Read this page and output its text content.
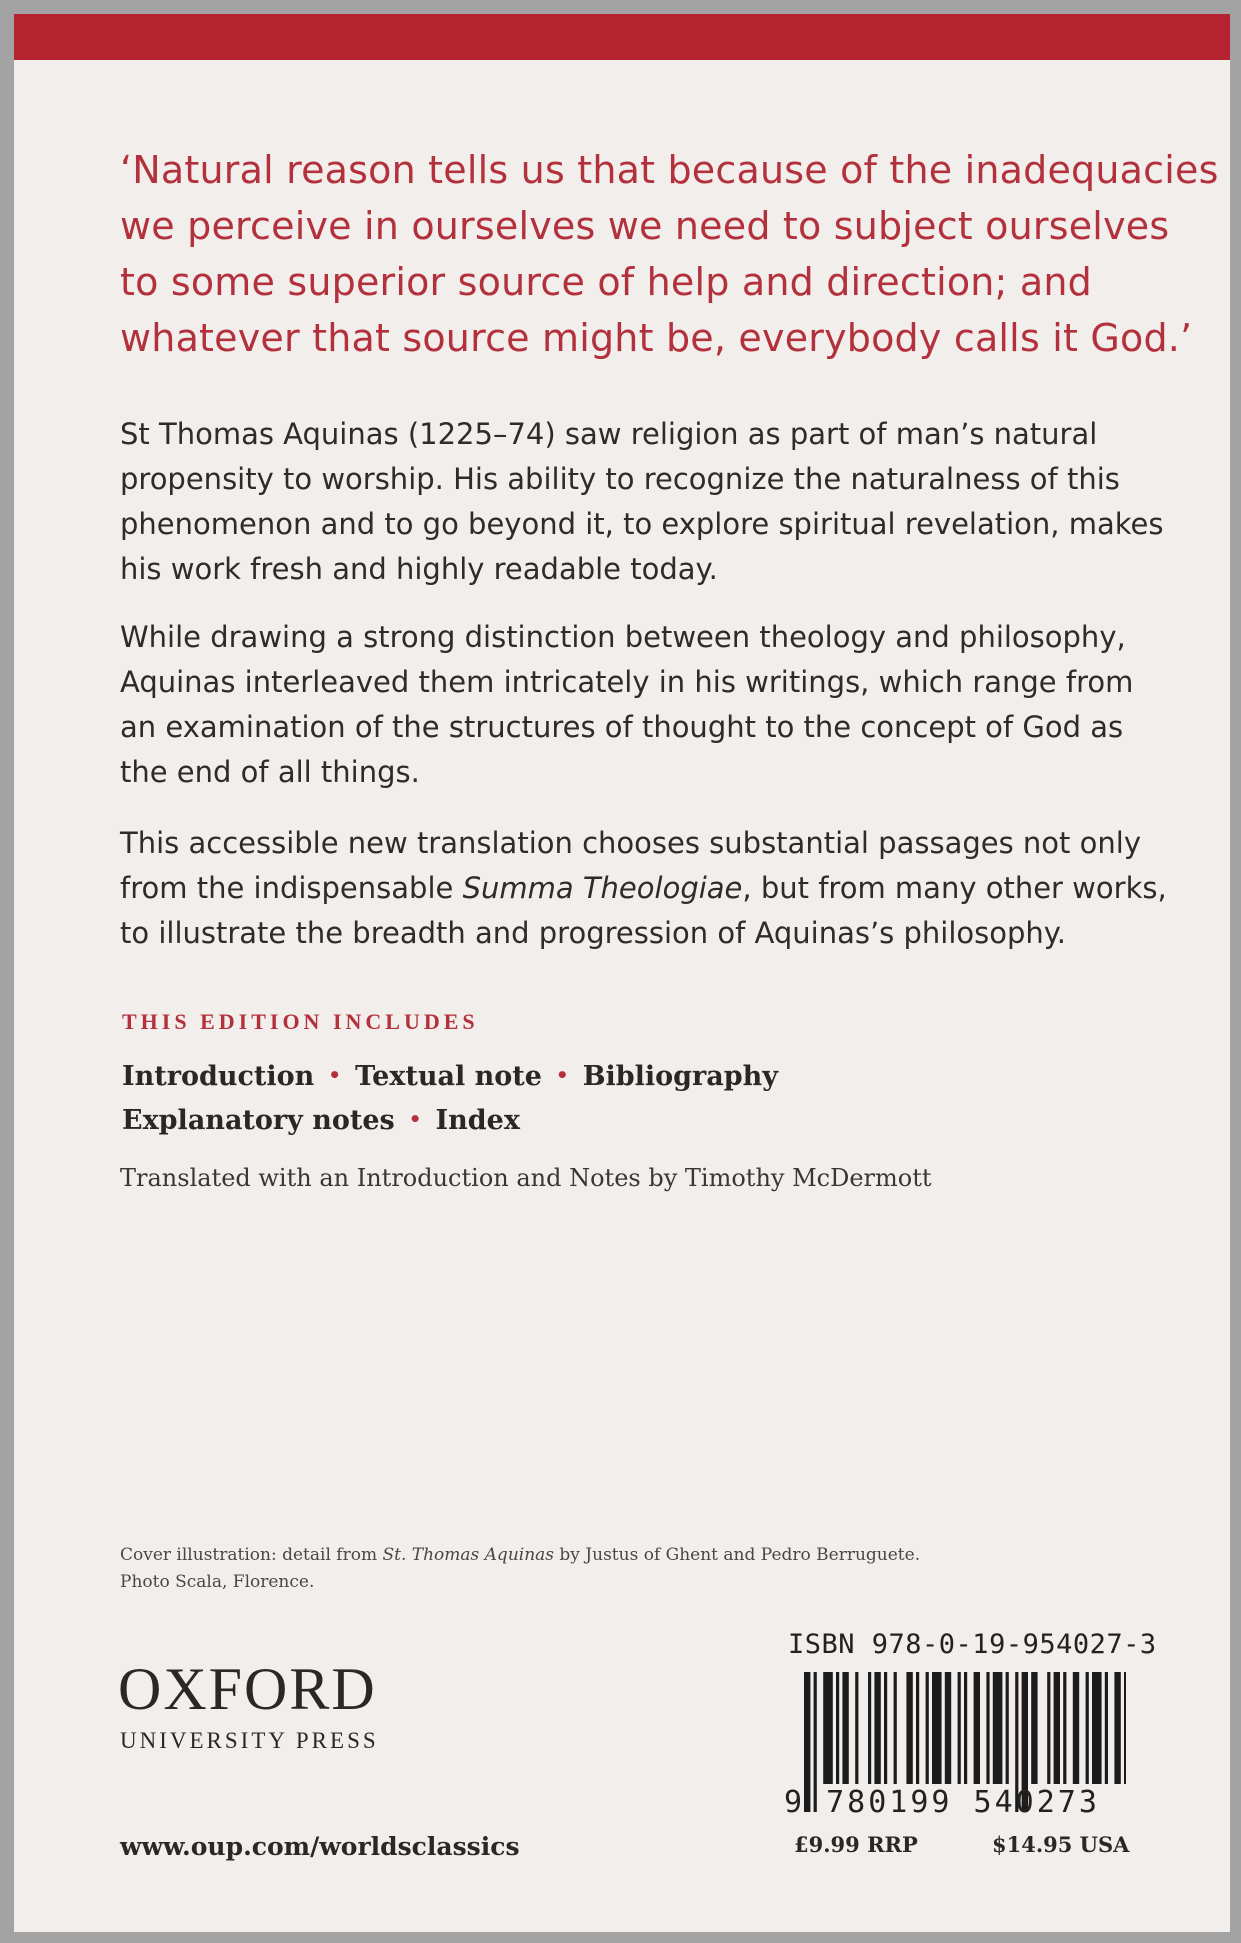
‘Natural reason tells us that because of the inadequacies
we perceive in ourselves we need to subject ourselves
to some superior source of help and direction; and
whatever that source might be, everybody calls it God.’
St Thomas Aquinas (1225–74) saw religion as part of man’s natural
propensity to worship. His ability to recognize the naturalness of this
phenomenon and to go beyond it, to explore spiritual revelation, makes
his work fresh and highly readable today.
While drawing a strong distinction between theology and philosophy,
Aquinas interleaved them intricately in his writings, which range from
an examination of the structures of thought to the concept of God as
the end of all things.
This accessible new translation chooses substantial passages not only
from the indispensable Summa Theologiae, but from many other works,
to illustrate the breadth and progression of Aquinas’s philosophy.
THIS EDITION INCLUDES
Introduction • Textual note • Bibliography
Explanatory notes • Index
Translated with an Introduction and Notes by Timothy McDermott
Cover illustration: detail from St. Thomas Aquinas by Justus of Ghent and Pedro Berruguete.
Photo Scala, Florence.
OXFORD
UNIVERSITY PRESS
www.oup.com/worldsclassics
ISBN 978-0-19-954027-3
9 780199 540273
£9.99 RRP	$14.95 USA
